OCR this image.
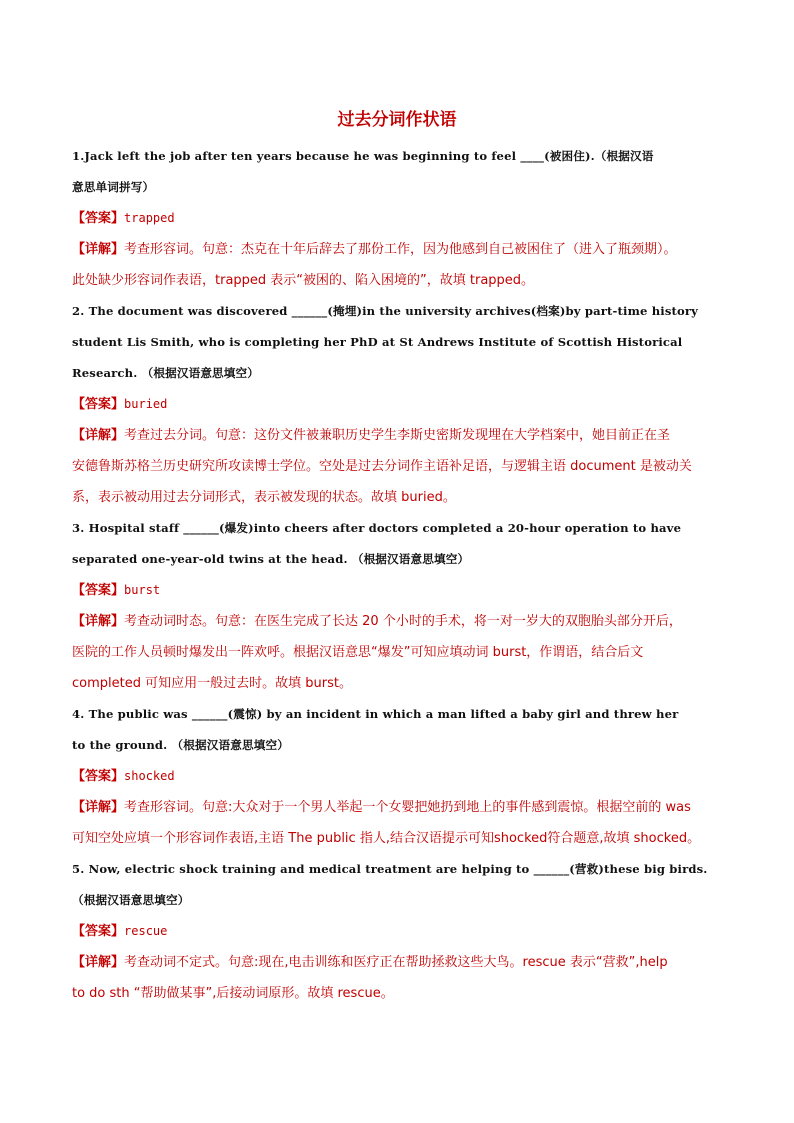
过去分词作状语

1.Jack left the job after ten years because he was beginning to feel ____(被困住).（根据汉语

意思单词拼写）

【答案】trapped

【详解】考查形容词。句意：杰克在十年后辞去了那份工作，因为他感到自己被困住了（进入了瓶颈期）。

此处缺少形容词作表语，trapped 表示“被困的、陷入困境的”，故填 trapped。

2. The document was discovered ______(掩埋)in the university archives(档案)by part-time history

student Lis Smith, who is completing her PhD at St Andrews Institute of Scottish Historical

Research. （根据汉语意思填空）

【答案】buried

【详解】考查过去分词。句意：这份文件被兼职历史学生李斯史密斯发现埋在大学档案中，她目前正在圣

安德鲁斯苏格兰历史研究所攻读博士学位。空处是过去分词作主语补足语，与逻辑主语 document 是被动关

系，表示被动用过去分词形式，表示被发现的状态。故填 buried。

3. Hospital staff ______(爆发)into cheers after doctors completed a 20-hour operation to have

separated one-year-old twins at the head. （根据汉语意思填空）

【答案】burst

【详解】考查动词时态。句意：在医生完成了长达 20 个小时的手术，将一对一岁大的双胞胎头部分开后，

医院的工作人员顿时爆发出一阵欢呼。根据汉语意思“爆发”可知应填动词 burst，作谓语，结合后文

completed 可知应用一般过去时。故填 burst。

4. The public was ______(震惊) by an incident in which a man lifted a baby girl and threw her

to the ground. （根据汉语意思填空）

【答案】shocked

【详解】考查形容词。句意:大众对于一个男人举起一个女婴把她扔到地上的事件感到震惊。根据空前的 was

可知空处应填一个形容词作表语,主语 The public 指人,结合汉语提示可知shocked符合题意,故填 shocked。

5. Now, electric shock training and medical treatment are helping to ______(营救)these big birds.

（根据汉语意思填空）

【答案】rescue

【详解】考查动词不定式。句意:现在,电击训练和医疗正在帮助拯救这些大鸟。rescue 表示“营救”,help

to do sth “帮助做某事”,后接动词原形。故填 rescue。
